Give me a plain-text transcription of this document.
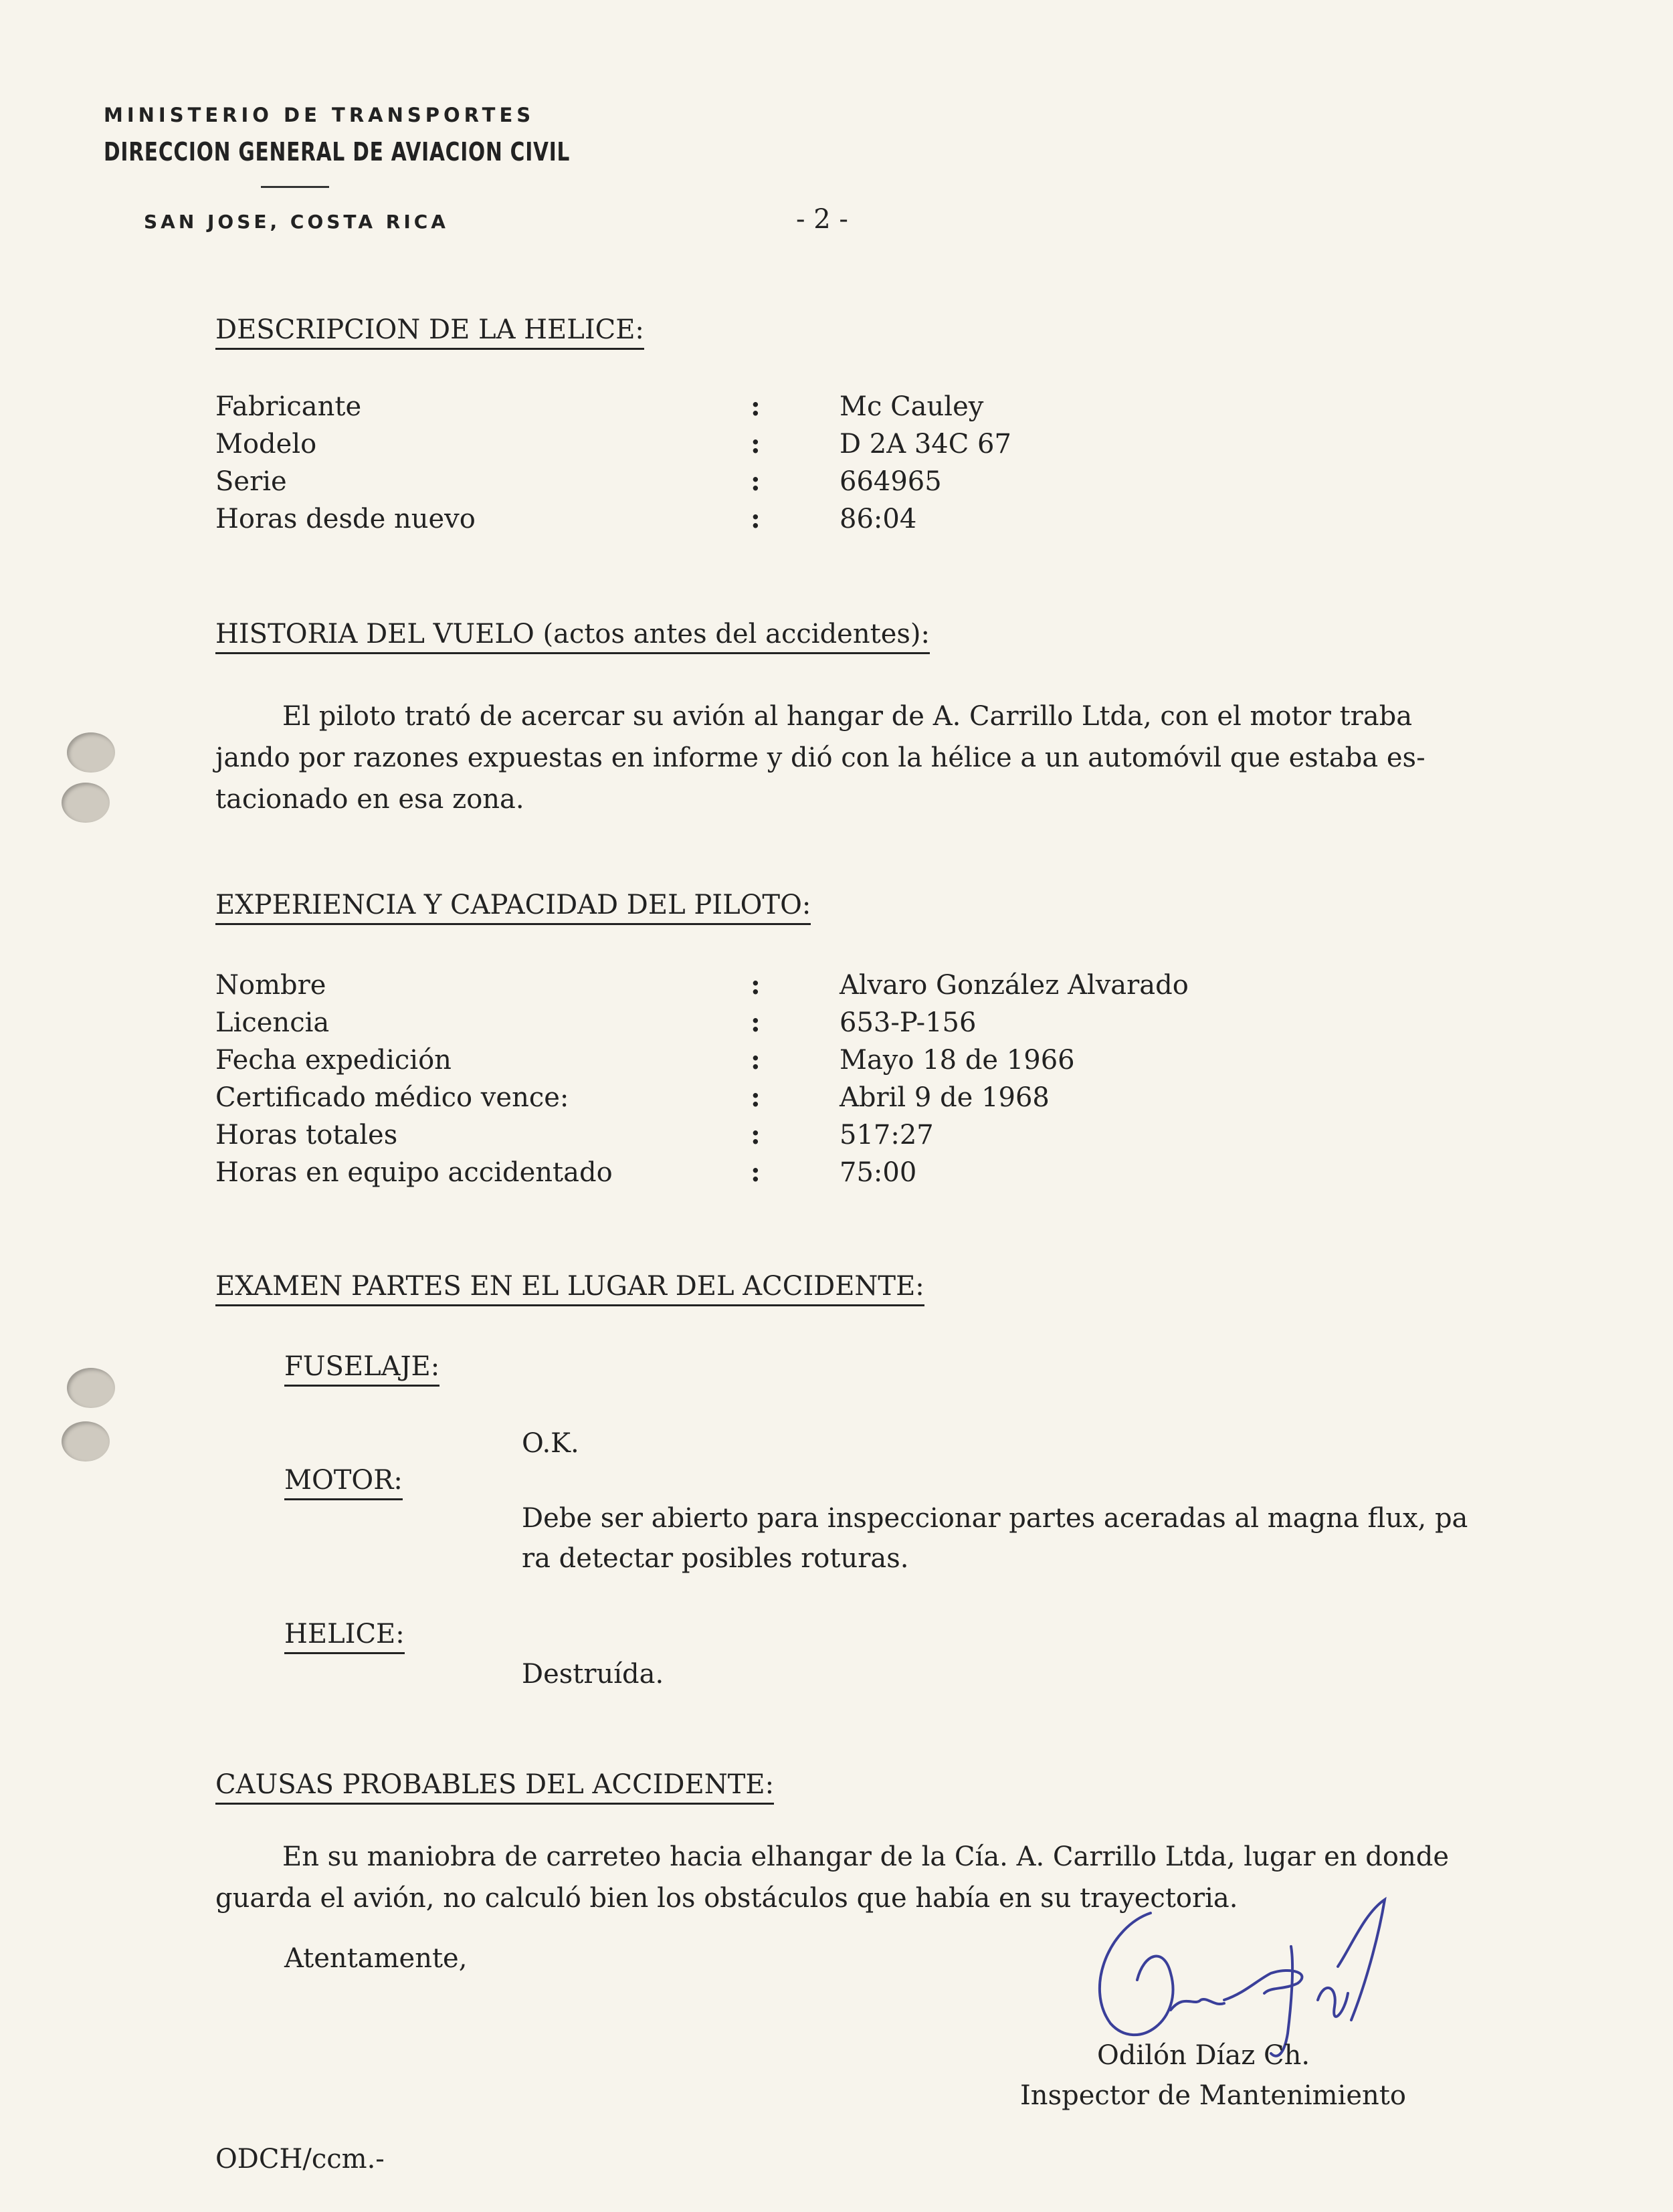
MINISTERIO DE TRANSPORTES
DIRECCION GENERAL DE AVIACION CIVIL
SAN JOSE, COSTA RICA	- 2 -
DESCRIPCION DE LA HELICE:
Fabricante
Modelo
Serie
Horas desde nuevo
:
:
:
:
Mc Cauley
D 2A 34C 67
664965
86:04
HISTORIA DEL VUELO (actos antes del accidentes):
El piloto trató de acercar su avión al hangar de A. Carrillo Ltda, con el motor traba
jando por razones expuestas en informe y dió con la hélice a un automóvil que estaba es-
tacionado en esa zona.
EXPERIENCIA Y CAPACIDAD DEL PILOTO:
Nombre
Licencia
Fecha expedición
Certificado médico vence:
Horas totales
Horas en equipo accidentado
:
:
:
:
:
:
Alvaro González Alvarado
653-P-156
Mayo 18 de 1966
Abril 9 de 1968
517:27
75:00
EXAMEN PARTES EN EL LUGAR DEL ACCIDENTE:
FUSELAJE:
O.K.
MOTOR:
Debe ser abierto para inspeccionar partes aceradas al magna flux, pa
ra detectar posibles roturas.
HELICE:
Destruída.
CAUSAS PROBABLES DEL ACCIDENTE:
En su maniobra de carreteo hacia elhangar de la Cía. A. Carrillo Ltda, lugar en donde
guarda el avión, no calculó bien los obstáculos que había en su trayectoria.
Atentamente,
Odilón Díaz Ch.
Inspector de Mantenimiento
ODCH/ccm.-
